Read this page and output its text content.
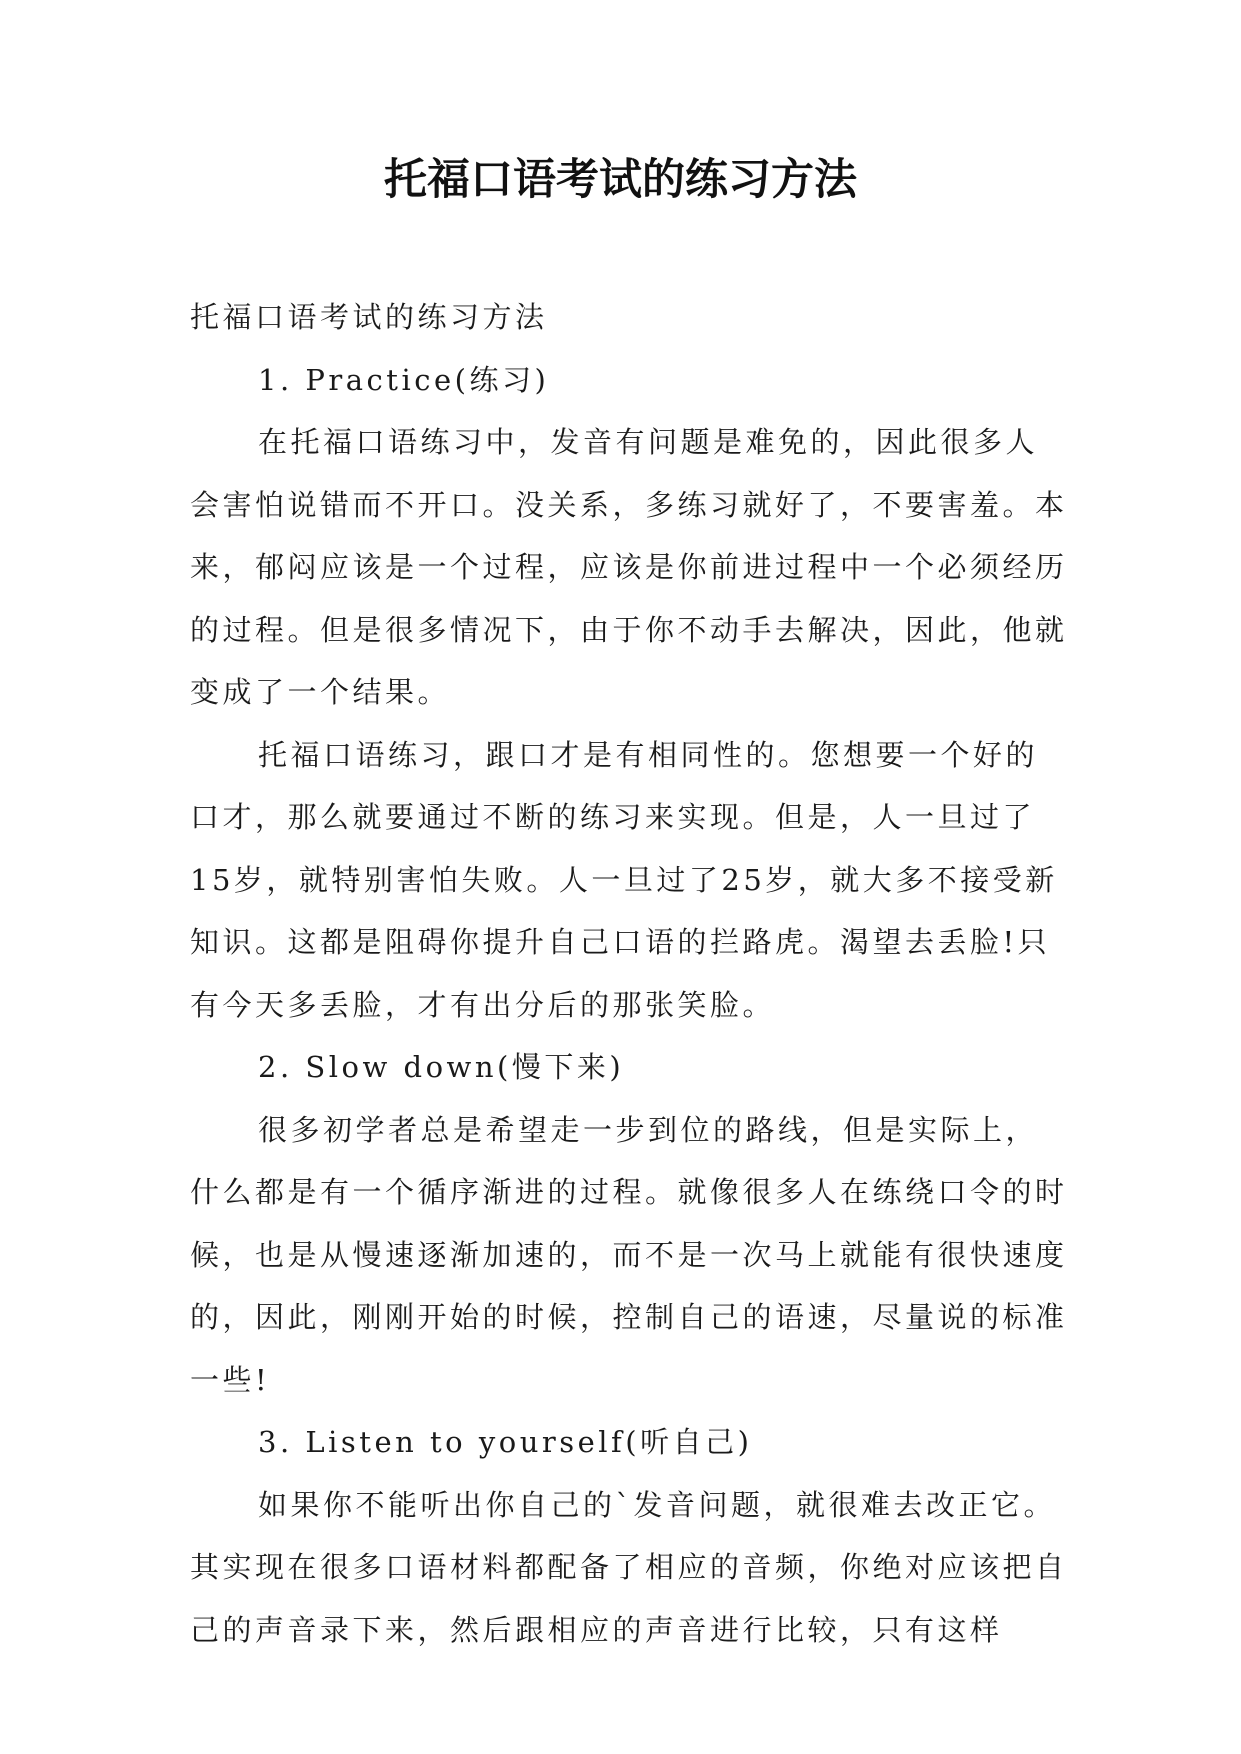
托福口语考试的练习方法

托福口语考试的练习方法

1. Practice(练习)

在托福口语练习中，发音有问题是难免的，因此很多人会害怕说错而不开口。没关系，多练习就好了，不要害羞。本来，郁闷应该是一个过程，应该是你前进过程中一个必须经历的过程。但是很多情况下，由于你不动手去解决，因此，他就变成了一个结果。

托福口语练习，跟口才是有相同性的。您想要一个好的口才，那么就要通过不断的练习来实现。但是，人一旦过了15岁，就特别害怕失败。人一旦过了25岁，就大多不接受新知识。这都是阻碍你提升自己口语的拦路虎。渴望去丢脸!只有今天多丢脸，才有出分后的那张笑脸。

2. Slow down(慢下来)

很多初学者总是希望走一步到位的路线，但是实际上，什么都是有一个循序渐进的过程。就像很多人在练绕口令的时候，也是从慢速逐渐加速的，而不是一次马上就能有很快速度的，因此，刚刚开始的时候，控制自己的语速，尽量说的标准一些!

3. Listen to yourself(听自己)

如果你不能听出你自己的`发音问题，就很难去改正它。其实现在很多口语材料都配备了相应的音频，你绝对应该把自己的声音录下来，然后跟相应的声音进行比较，只有这样
